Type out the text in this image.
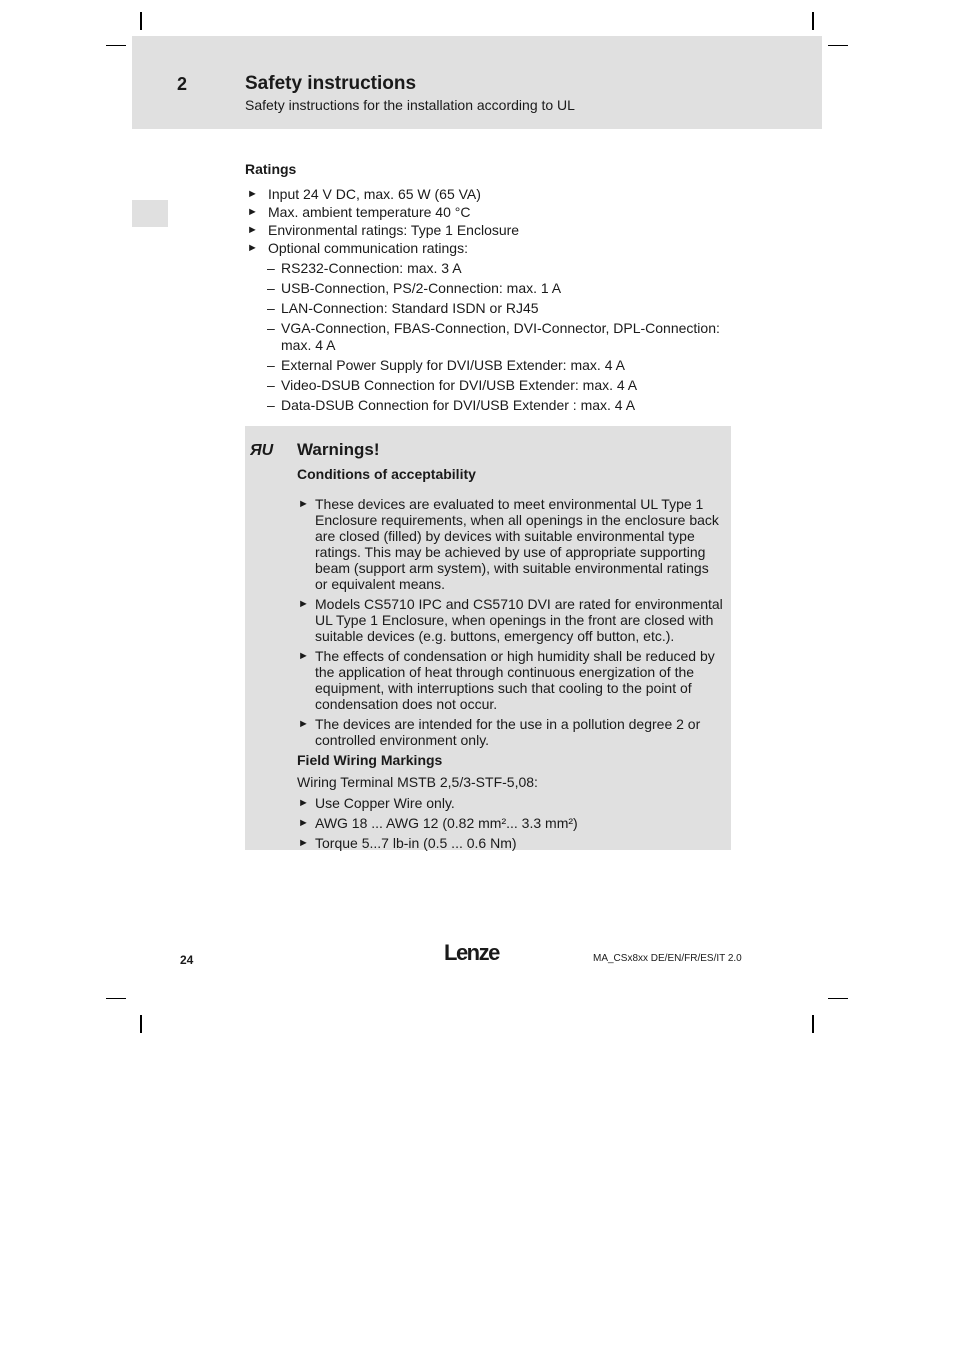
2	Safety instructions
Safety instructions for the installation according to UL
Ratings
► Input 24 V DC, max. 65 W (65 VA)
► Max. ambient temperature 40 °C
► Environmental ratings: Type 1 Enclosure
► Optional communication ratings:
– RS232-Connection: max. 3 A
– USB-Connection, PS/2-Connection: max. 1 A
– LAN-Connection: Standard ISDN or RJ45
– VGA-Connection, FBAS-Connection, DVI-Connector, DPL-Connection: max. 4 A
– External Power Supply for DVI/USB Extender: max. 4 A
– Video-DSUB Connection for DVI/USB Extender: max. 4 A
– Data-DSUB Connection for DVI/USB Extender : max. 4 A
ЯU Warnings!
Conditions of acceptability
► These devices are evaluated to meet environmental UL Type 1 Enclosure requirements, when all openings in the enclosure back are closed (filled) by devices with suitable environmental type ratings. This may be achieved by use of appropriate supporting beam (support arm system), with suitable environmental ratings or equivalent means.
► Models CS5710 IPC and CS5710 DVI are rated for environmental UL Type 1 Enclosure, when openings in the front are closed with suitable devices (e.g. buttons, emergency off button, etc.).
► The effects of condensation or high humidity shall be reduced by the application of heat through continuous energization of the equipment, with interruptions such that cooling to the point of condensation does not occur.
► The devices are intended for the use in a pollution degree 2 or controlled environment only.
Field Wiring Markings
Wiring Terminal MSTB 2,5/3-STF-5,08:
► Use Copper Wire only.
► AWG 18 ... AWG 12 (0.82 mm²... 3.3 mm²)
► Torque 5...7 lb-in (0.5 ... 0.6 Nm)
24	Lenze	MA_CSx8xx DE/EN/FR/ES/IT 2.0
